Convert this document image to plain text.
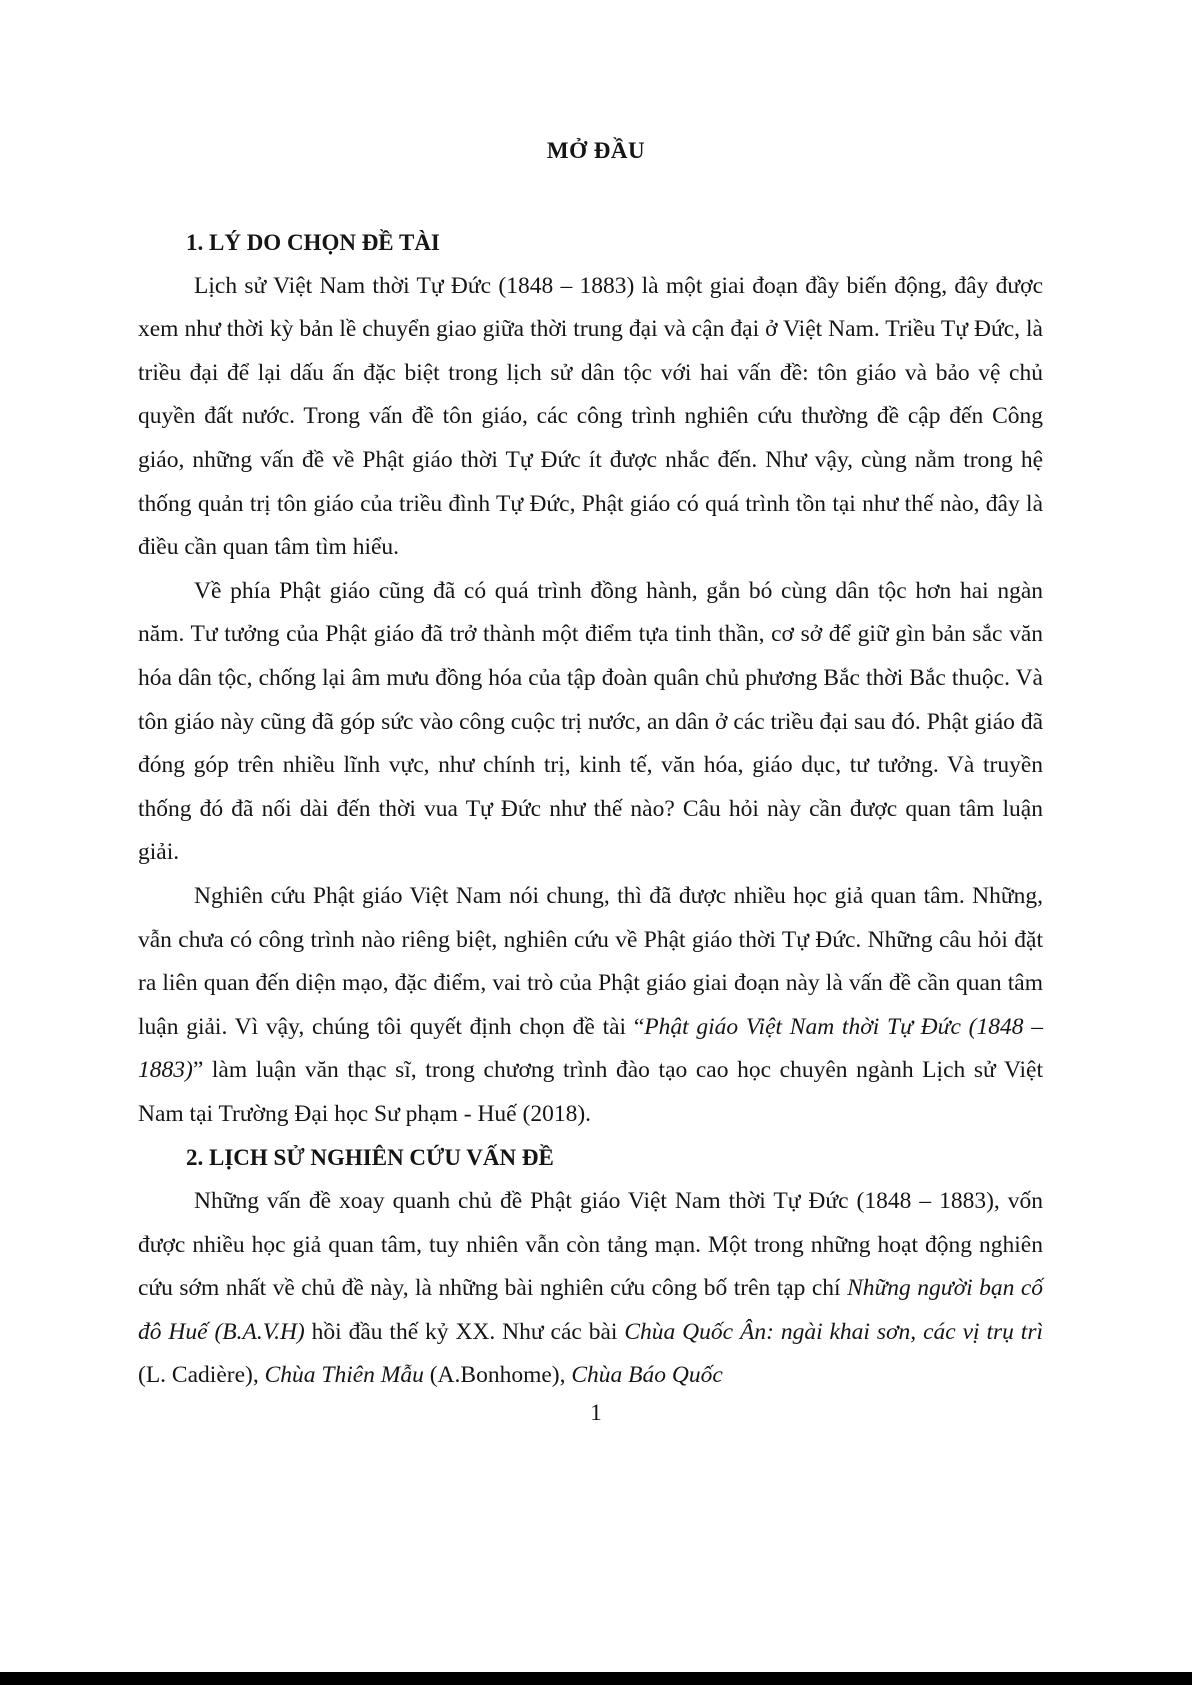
MỞ ĐẦU

1. LÝ DO CHỌN ĐỀ TÀI

Lịch sử Việt Nam thời Tự Đức (1848 – 1883) là một giai đoạn đầy biến động, đây được xem như thời kỳ bản lề chuyển giao giữa thời trung đại và cận đại ở Việt Nam. Triều Tự Đức, là triều đại để lại dấu ấn đặc biệt trong lịch sử dân tộc với hai vấn đề: tôn giáo và bảo vệ chủ quyền đất nước. Trong vấn đề tôn giáo, các công trình nghiên cứu thường đề cập đến Công giáo, những vấn đề về Phật giáo thời Tự Đức ít được nhắc đến. Như vậy, cùng nằm trong hệ thống quản trị tôn giáo của triều đình Tự Đức, Phật giáo có quá trình tồn tại như thế nào, đây là điều cần quan tâm tìm hiểu.

Về phía Phật giáo cũng đã có quá trình đồng hành, gắn bó cùng dân tộc hơn hai ngàn năm. Tư tưởng của Phật giáo đã trở thành một điểm tựa tinh thần, cơ sở để giữ gìn bản sắc văn hóa dân tộc, chống lại âm mưu đồng hóa của tập đoàn quân chủ phương Bắc thời Bắc thuộc. Và tôn giáo này cũng đã góp sức vào công cuộc trị nước, an dân ở các triều đại sau đó. Phật giáo đã đóng góp trên nhiều lĩnh vực, như chính trị, kinh tế, văn hóa, giáo dục, tư tưởng. Và truyền thống đó đã nối dài đến thời vua Tự Đức như thế nào? Câu hỏi này cần được quan tâm luận giải.

Nghiên cứu Phật giáo Việt Nam nói chung, thì đã được nhiều học giả quan tâm. Những, vẫn chưa có công trình nào riêng biệt, nghiên cứu về Phật giáo thời Tự Đức. Những câu hỏi đặt ra liên quan đến diện mạo, đặc điểm, vai trò của Phật giáo giai đoạn này là vấn đề cần quan tâm luận giải. Vì vậy, chúng tôi quyết định chọn đề tài “Phật giáo Việt Nam thời Tự Đức (1848 – 1883)” làm luận văn thạc sĩ, trong chương trình đào tạo cao học chuyên ngành Lịch sử Việt Nam tại Trường Đại học Sư phạm - Huế (2018).

2. LỊCH SỬ NGHIÊN CỨU VẤN ĐỀ

Những vấn đề xoay quanh chủ đề Phật giáo Việt Nam thời Tự Đức (1848 – 1883), vốn được nhiều học giả quan tâm, tuy nhiên vẫn còn tảng mạn. Một trong những hoạt động nghiên cứu sớm nhất về chủ đề này, là những bài nghiên cứu công bố trên tạp chí Những người bạn cố đô Huế (B.A.V.H) hồi đầu thế kỷ XX. Như các bài Chùa Quốc Ân: ngài khai sơn, các vị trụ trì (L. Cadière), Chùa Thiên Mẫu (A.Bonhome), Chùa Báo Quốc

1
